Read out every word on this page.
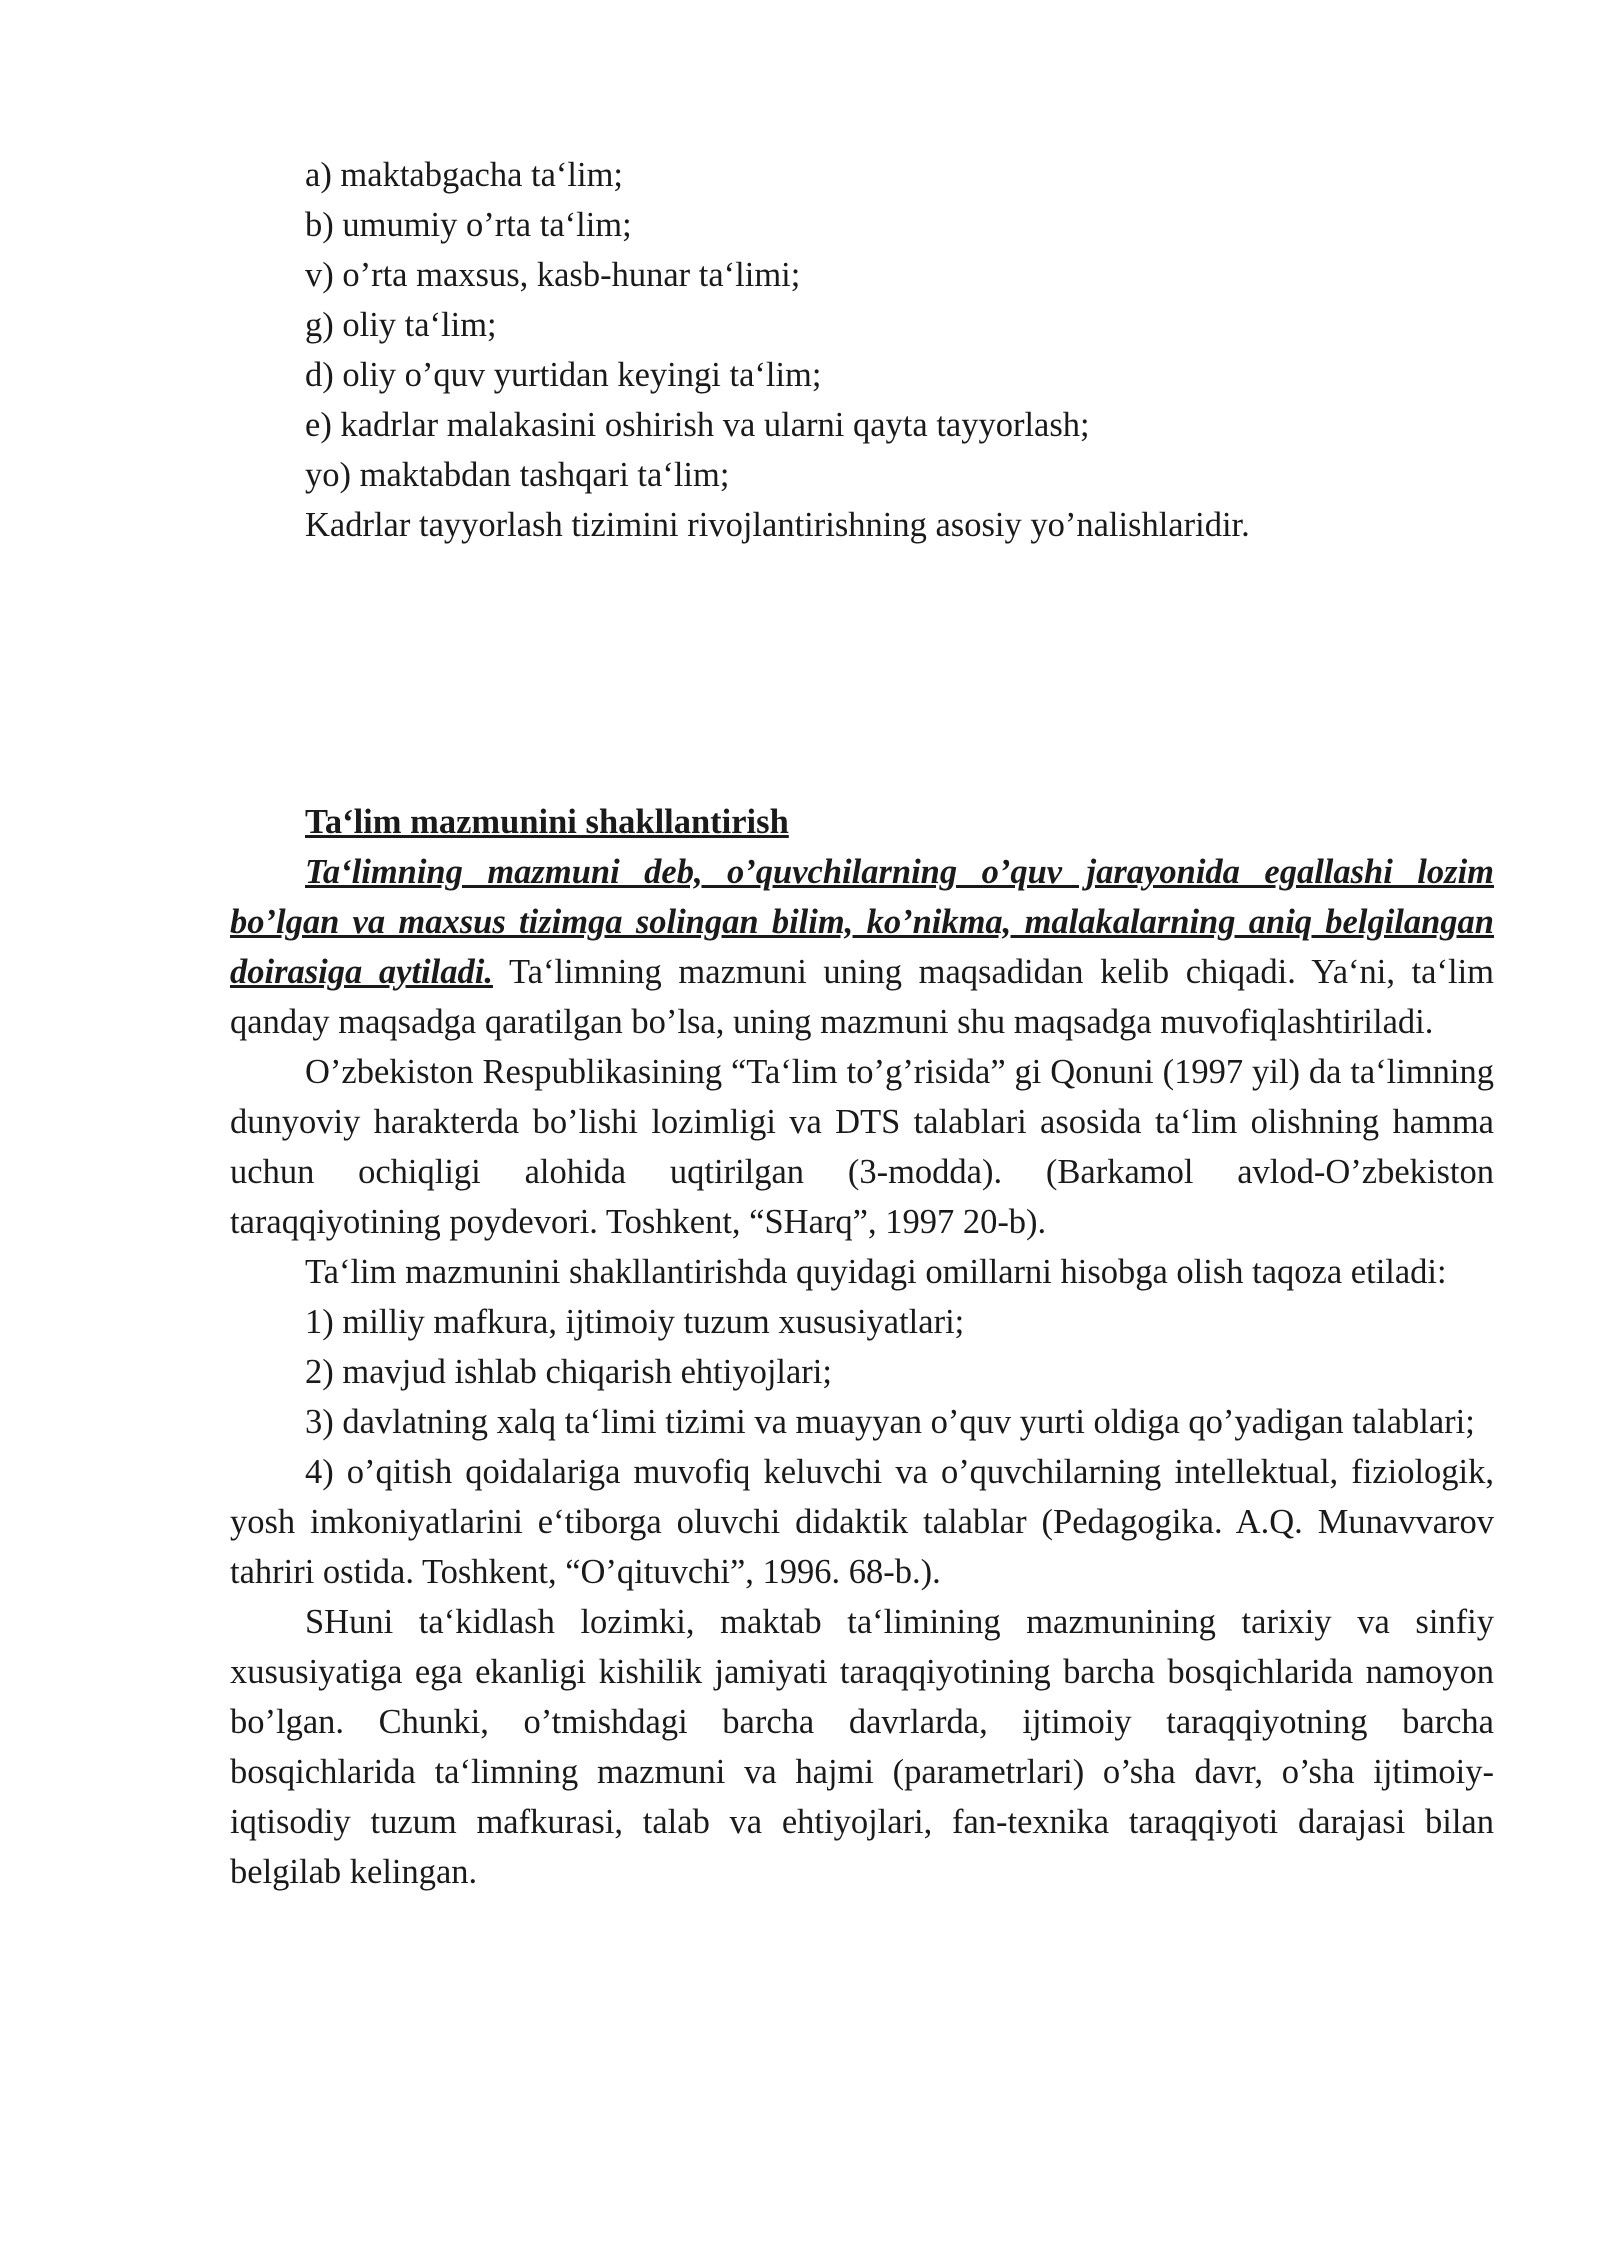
a) maktabgacha ta‘lim;
b) umumiy o’rta ta‘lim;
v) o’rta maxsus, kasb-hunar ta‘limi;
g) oliy ta‘lim;
d) oliy o’quv yurtidan keyingi ta‘lim;
e) kadrlar malakasini oshirish va ularni qayta tayyorlash;
yo) maktabdan tashqari ta‘lim;
Kadrlar tayyorlash tizimini rivojlantirishning asosiy yo’nalishlaridir.
Ta‘lim mazmunini shakllantirish

Ta‘limning mazmuni deb, o’quvchilarning o’quv jarayonida egallashi lozim bo’lgan va maxsus tizimga solingan bilim, ko’nikma, malakalarning aniq belgilangan doirasiga aytiladi. Ta‘limning mazmuni uning maqsadidan kelib chiqadi. Ya‘ni, ta‘lim qanday maqsadga qaratilgan bo’lsa, uning mazmuni shu maqsadga muvofiqlashtiriladi.

O’zbekiston Respublikasining “Ta‘lim to’g’risida” gi Qonuni (1997 yil) da ta‘limning dunyoviy harakterda bo’lishi lozimligi va DTS talablari asosida ta‘lim olishning hamma uchun ochiqligi alohida uqtirilgan (3-modda). (Barkamol avlod-O’zbekiston taraqqiyotining poydevori. Toshkent, “SHarq”, 1997 20-b).

Ta‘lim mazmunini shakllantirishda quyidagi omillarni hisobga olish taqoza etiladi:

1) milliy mafkura, ijtimoiy tuzum xususiyatlari;
2) mavjud ishlab chiqarish ehtiyojlari;
3) davlatning xalq ta‘limi tizimi va muayyan o’quv yurti oldiga qo’yadigan talablari;
4) o’qitish qoidalariga muvofiq keluvchi va o’quvchilarning intellektual, fiziologik, yosh imkoniyatlarini e‘tiborga oluvchi didaktik talablar (Pedagogika. A.Q. Munavvarov tahriri ostida. Toshkent, “O’qituvchi”, 1996. 68-b.).

SHuni ta‘kidlash lozimki, maktab ta‘limining mazmunining tarixiy va sinfiy xususiyatiga ega ekanligi kishilik jamiyati taraqqiyotining barcha bosqichlarida namoyon bo’lgan. Chunki, o’tmishdagi barcha davrlarda, ijtimoiy taraqqiyotning barcha bosqichlarida ta‘limning mazmuni va hajmi (parametrlari) o’sha davr, o’sha ijtimoiy-iqtisodiy tuzum mafkurasi, talab va ehtiyojlari, fan-texnika taraqqiyoti darajasi bilan belgilab kelingan.
